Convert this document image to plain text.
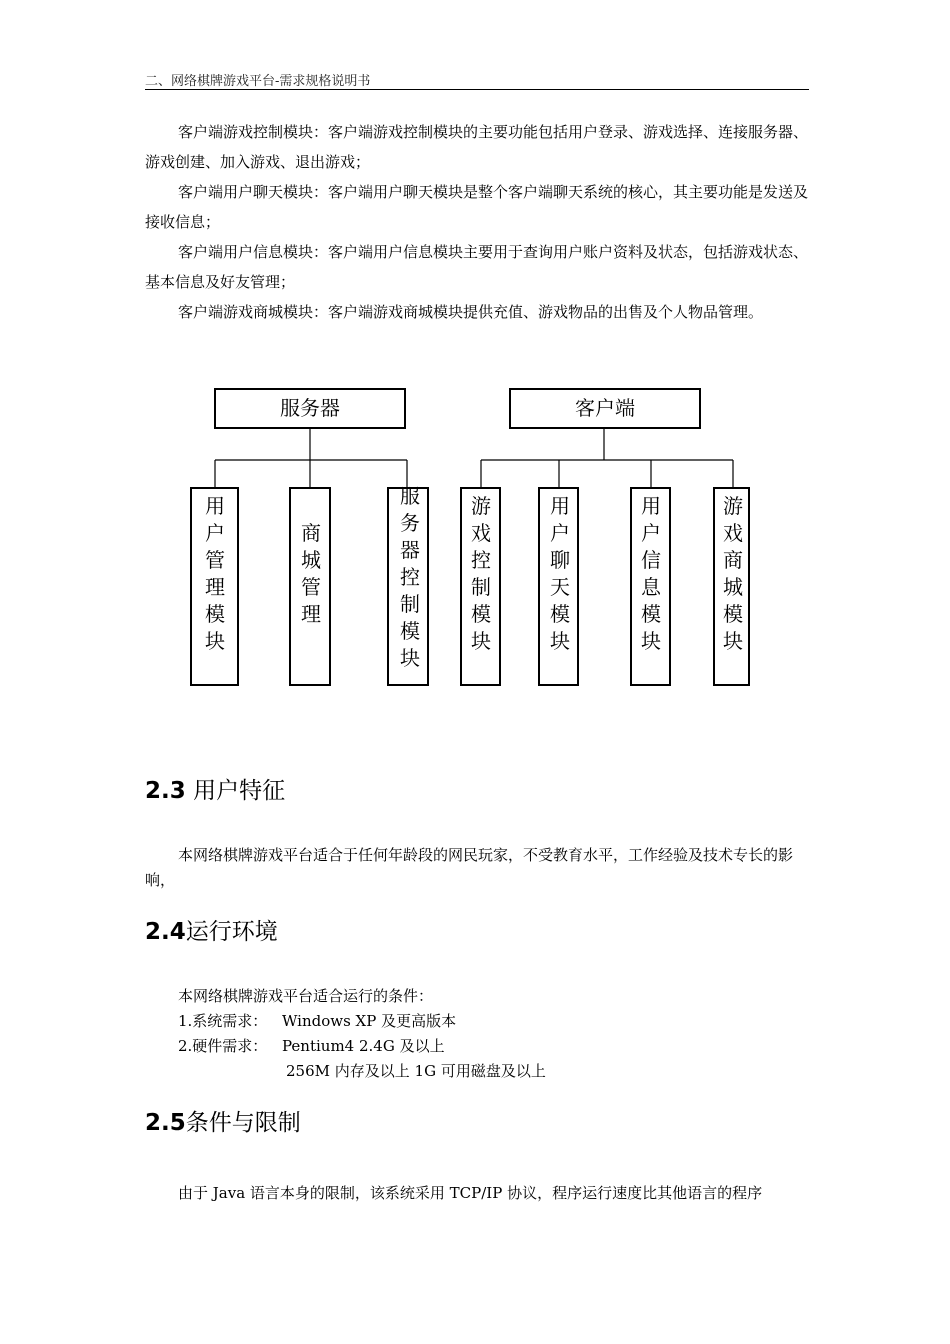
二、网络棋牌游戏平台-需求规格说明书

客户端游戏控制模块：客户端游戏控制模块的主要功能包括用户登录、游戏选择、连接服务器、游戏创建、加入游戏、退出游戏；

客户端用户聊天模块：客户端用户聊天模块是整个客户端聊天系统的核心，其主要功能是发送及接收信息；

客户端用户信息模块：客户端用户信息模块主要用于查询用户账户资料及状态，包括游戏状态、基本信息及好友管理；

客户端游戏商城模块：客户端游戏商城模块提供充值、游戏物品的出售及个人物品管理。

服务器	客户端
用户管理模块
商城管理
服务器控制模块
游戏控制模块
用户聊天模块
用户信息模块
游戏商城模块
2.3 用户特征
本网络棋牌游戏平台适合于任何年龄段的网民玩家，不受教育水平，工作经验及技术专长的影响，
2.4运行环境
本网络棋牌游戏平台适合运行的条件：
1.系统需求： Windows XP 及更高版本
2.硬件需求： Pentium4 2.4G 及以上
256M 内存及以上 1G 可用磁盘及以上
2.5条件与限制
由于 Java 语言本身的限制，该系统采用 TCP/IP 协议，程序运行速度比其他语言的程序
